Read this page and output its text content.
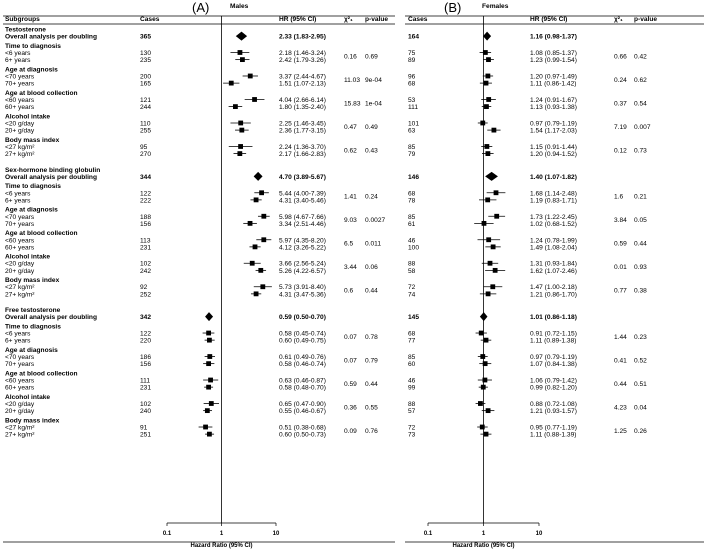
(A)	Males
Subgroups	Cases	HR (95% CI)	χ²₁ p-value
0.1	1	10
Hazard Ratio (95% CI)
Testosterone
Overall analysis per doubling	365	2.33 (1.83-2.95)
Time to diagnosis
<6 years	130	2.18 (1.46-3.24)	0.16 0.69
6+ years	235	2.42 (1.79-3.26)
Age at diagnosis
<70 years	200	3.37 (2.44-4.67)	11.03 9e-04
70+ years	165	1.51 (1.07-2.13)
Age at blood collection
<60 years	121	4.04 (2.66-6.14)	15.83 1e-04
60+ years	244	1.80 (1.35-2.40)
Alcohol intake
<20 g/day	110	2.25 (1.46-3.45)	0.47 0.49
20+ g/day	255	2.36 (1.77-3.15)
Body mass index
<27 kg/m²	95	2.24 (1.36-3.70)	0.62 0.43
27+ kg/m²	270	2.17 (1.66-2.83)
Sex-hormone binding globulin
Overall analysis per doubling	344	4.70 (3.89-5.67)
Time to diagnosis
<6 years	122	5.44 (4.00-7.39)	1.41 0.24
6+ years	222	4.31 (3.40-5.46)
Age at diagnosis
<70 years	188	5.98 (4.67-7.66)	9.03 0.0027
70+ years	156	3.34 (2.51-4.46)
Age at blood collection
<60 years	113	5.97 (4.35-8.20)	6.5 0.011
60+ years	231	4.12 (3.26-5.22)
Alcohol intake
<20 g/day	102	3.66 (2.56-5.24)	3.44 0.06
20+ g/day	242	5.26 (4.22-6.57)
Body mass index
<27 kg/m²	92	5.73 (3.91-8.40)	0.6 0.44
27+ kg/m²	252	4.31 (3.47-5.36)
Free testosterone
Overall analysis per doubling	342	0.59 (0.50-0.70)
Time to diagnosis
<6 years	122	0.58 (0.45-0.74)	0.07 0.78
6+ years	220	0.60 (0.49-0.75)
Age at diagnosis
<70 years	186	0.61 (0.49-0.76)	0.07 0.79
70+ years	156	0.58 (0.46-0.74)
Age at blood collection
<60 years	111	0.63 (0.46-0.87)	0.59 0.44
60+ years	231	0.58 (0.48-0.70)
Alcohol intake
<20 g/day	102	0.65 (0.47-0.90)	0.36 0.55
20+ g/day	240	0.55 (0.46-0.67)
Body mass index
<27 kg/m²	91	0.51 (0.38-0.68)	0.09 0.76
27+ kg/m²	251	0.60 (0.50-0.73)
(B)	Females
Cases	HR (95% CI)	χ²₁ p-value
0.1	1	10
Hazard Ratio (95% CI)
164	1.16 (0.98-1.37)
75	1.08 (0.85-1.37)	0.66 0.42
89	1.23 (0.99-1.54)
96	1.20 (0.97-1.49)	0.24 0.62
68	1.11 (0.86-1.42)
53	1.24 (0.91-1.67)	0.37 0.54
111	1.13 (0.93-1.38)
101	0.97 (0.79-1.19)	7.19 0.007
63	1.54 (1.17-2.03)
85	1.15 (0.91-1.44)	0.12 0.73
79	1.20 (0.94-1.52)
146	1.40 (1.07-1.82)
68	1.68 (1.14-2.48)	1.6 0.21
78	1.19 (0.83-1.71)
85	1.73 (1.22-2.45)	3.84 0.05
61	1.02 (0.68-1.52)
46	1.24 (0.78-1.99)	0.59 0.44
100	1.49 (1.08-2.04)
88	1.31 (0.93-1.84)	0.01 0.93
58	1.62 (1.07-2.46)
72	1.47 (1.00-2.18)	0.77 0.38
74	1.21 (0.86-1.70)
145	1.01 (0.86-1.18)
68	0.91 (0.72-1.15)	1.44 0.23
77	1.11 (0.89-1.38)
85	0.97 (0.79-1.19)	0.41 0.52
60	1.07 (0.84-1.38)
46	1.06 (0.79-1.42)	0.44 0.51
99	0.99 (0.82-1.20)
88	0.88 (0.72-1.08)	4.23 0.04
57	1.21 (0.93-1.57)
72	0.95 (0.77-1.19)	1.25 0.26
73	1.11 (0.88-1.39)
